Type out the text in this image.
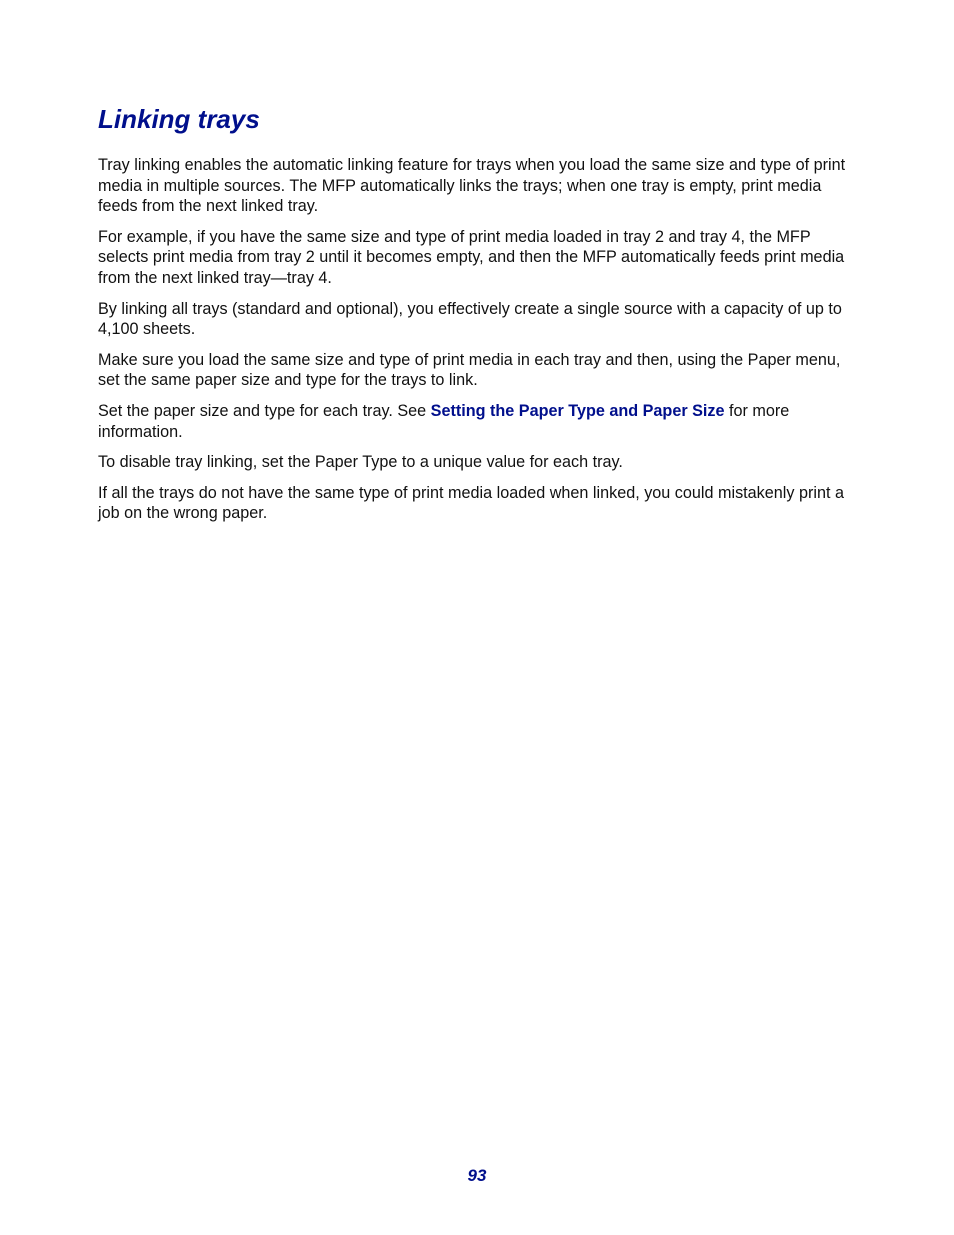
Linking trays

Tray linking enables the automatic linking feature for trays when you load the same size and type of print media in multiple sources. The MFP automatically links the trays; when one tray is empty, print media feeds from the next linked tray.

For example, if you have the same size and type of print media loaded in tray 2 and tray 4, the MFP selects print media from tray 2 until it becomes empty, and then the MFP automatically feeds print media from the next linked tray—tray 4.

By linking all trays (standard and optional), you effectively create a single source with a capacity of up to 4,100 sheets.

Make sure you load the same size and type of print media in each tray and then, using the Paper menu, set the same paper size and type for the trays to link.

Set the paper size and type for each tray. See Setting the Paper Type and Paper Size for more information.

To disable tray linking, set the Paper Type to a unique value for each tray.

If all the trays do not have the same type of print media loaded when linked, you could mistakenly print a job on the wrong paper.

93
